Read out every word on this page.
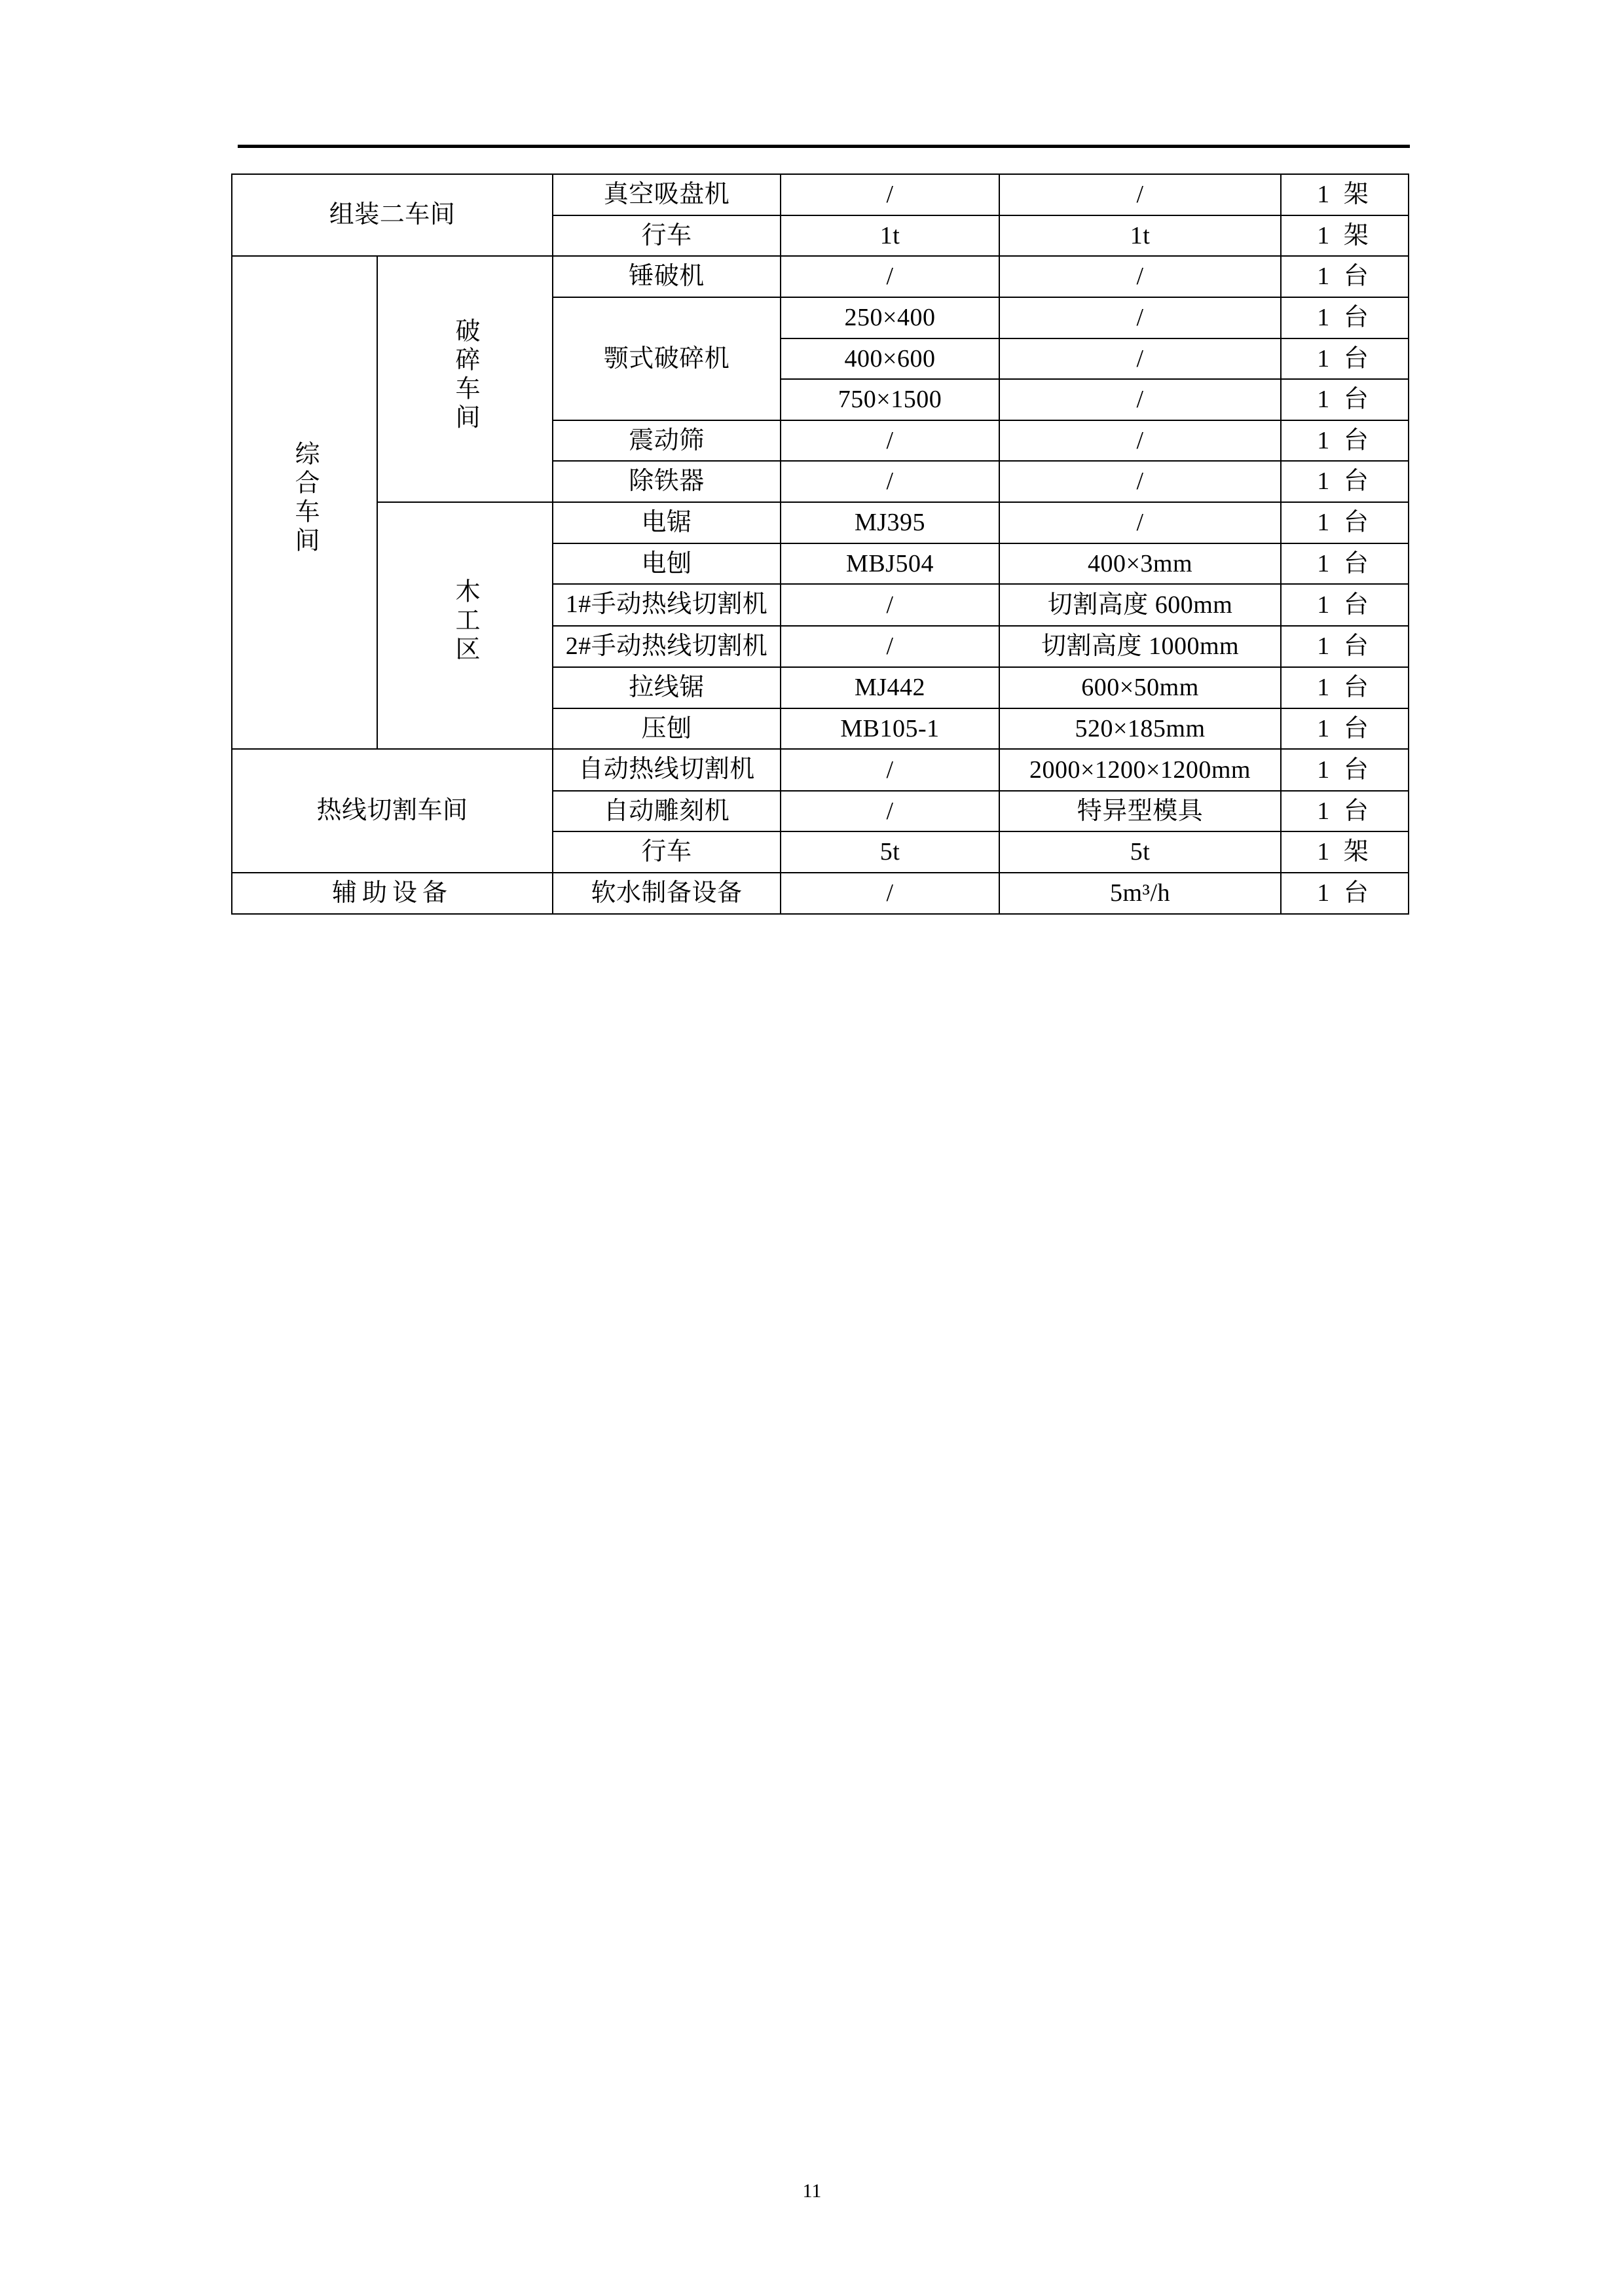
组装二车间		真空吸盘机	/	/	1 架
		行车	1t	1t	1 架
综合车间	破碎车间	锤破机	/	/	1 台
		颚式破碎机	250×400	/	1 台
			400×600	/	1 台
			750×1500	/	1 台
		震动筛	/	/	1 台
		除铁器	/	/	1 台
	木工区	电锯	MJ395	/	1 台
		电刨	MBJ504	400×3mm	1 台
		1#手动热线切割机	/	切割高度 600mm	1 台
		2#手动热线切割机	/	切割高度 1000mm	1 台
		拉线锯	MJ442	600×50mm	1 台
		压刨	MB105-1	520×185mm	1 台
热线切割车间		自动热线切割机	/	2000×1200×1200mm	1 台
		自动雕刻机	/	特异型模具	1 台
		行车	5t	5t	1 架
辅助设备		软水制备设备	/	5m³/h	1 台
11
